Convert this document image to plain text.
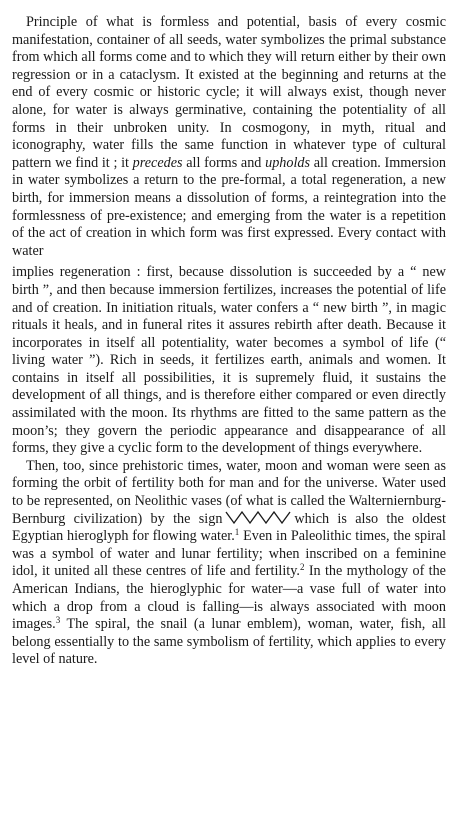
Principle of what is formless and potential, basis of every cosmic manifestation, container of all seeds, water symbolizes the primal substance from which all forms come and to which they will return either by their own regression or in a cataclysm. It existed at the beginning and returns at the end of every cosmic or historic cycle; it will always exist, though never alone, for water is always germinative, containing the potentiality of all forms in their unbroken unity. In cosmogony, in myth, ritual and iconography, water fills the same function in whatever type of cultural pattern we find it ; it precedes all forms and upholds all creation. Immersion in water symbolizes a return to the pre-formal, a total regeneration, a new birth, for immersion means a dissolution of forms, a reintegration into the formlessness of pre-existence; and emerging from the water is a repetition of the act of creation in which form was first expressed. Every contact with water

implies regeneration : first, because dissolution is succeeded by a “ new birth ”, and then because immersion fertilizes, increases the potential of life and of creation. In initiation rituals, water confers a “ new birth ”, in magic rituals it heals, and in funeral rites it assures rebirth after death. Because it incorporates in itself all potentiality, water becomes a symbol of life (“ living water ”). Rich in seeds, it fertilizes earth, animals and women. It contains in itself all possibilities, it is supremely fluid, it sustains the development of all things, and is therefore either compared or even directly assimilated with the moon. Its rhythms are fitted to the same pattern as the moon’s; they govern the periodic appearance and disappearance of all forms, they give a cyclic form to the development of things everywhere.

Then, too, since prehistoric times, water, moon and woman were seen as forming the orbit of fertility both for man and for the universe. Water used to be represented, on Neolithic vases (of what is called the Walterniernburg-Bernburg civilization) by the sign	which is also the oldest Egyptian hieroglyph for flowing water.$^1$ Even in Paleolithic times, the spiral was a symbol of water and lunar fertility; when inscribed on a feminine idol, it united all these centres of life and fertility.$^2$ In the mythology of the American Indians, the hieroglyphic for water—a vase full of water into which a drop from a cloud is falling—is always associated with moon images.$^3$ The spiral, the snail (a lunar emblem), woman, water, fish, all belong essentially to the same symbolism of fertility, which applies to every level of nature.
